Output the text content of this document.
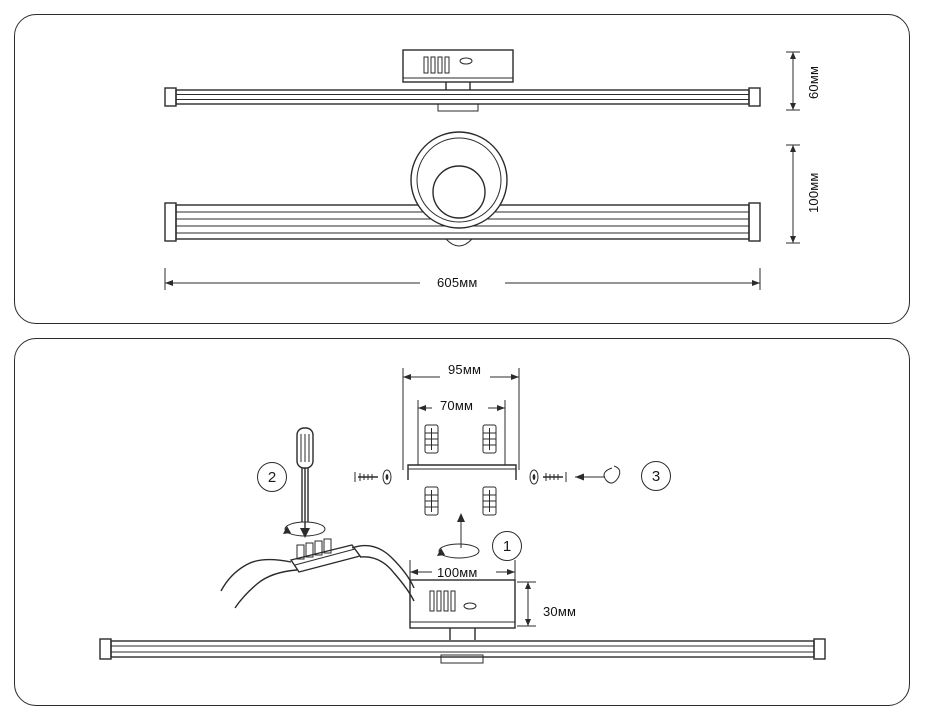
60мм
100мм
605мм
95мм
70мм
100мм
30мм
2	3
1
